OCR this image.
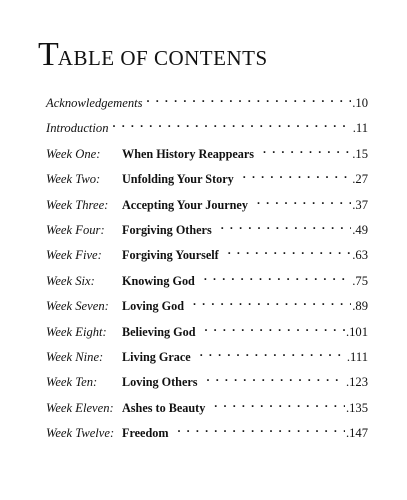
TABLE OF CONTENTS
Acknowledgements . . .	.10
Introduction . . .	.11
Week One:	When History Reappears . . .	.15
Week Two:	Unfolding Your Story . . .	.27
Week Three:	Accepting Your Journey . . .	.37
Week Four:	Forgiving Others . . .	.49
Week Five:	Forgiving Yourself . . .	.63
Week Six:	Knowing God . . .	.75
Week Seven:	Loving God . . .	.89
Week Eight:	Believing God . . .	.101
Week Nine:	Living Grace . . .	.111
Week Ten:	Loving Others . . .	.123
Week Eleven: Ashes to Beauty . . .	.135
Week Twelve: Freedom . . .	.147
